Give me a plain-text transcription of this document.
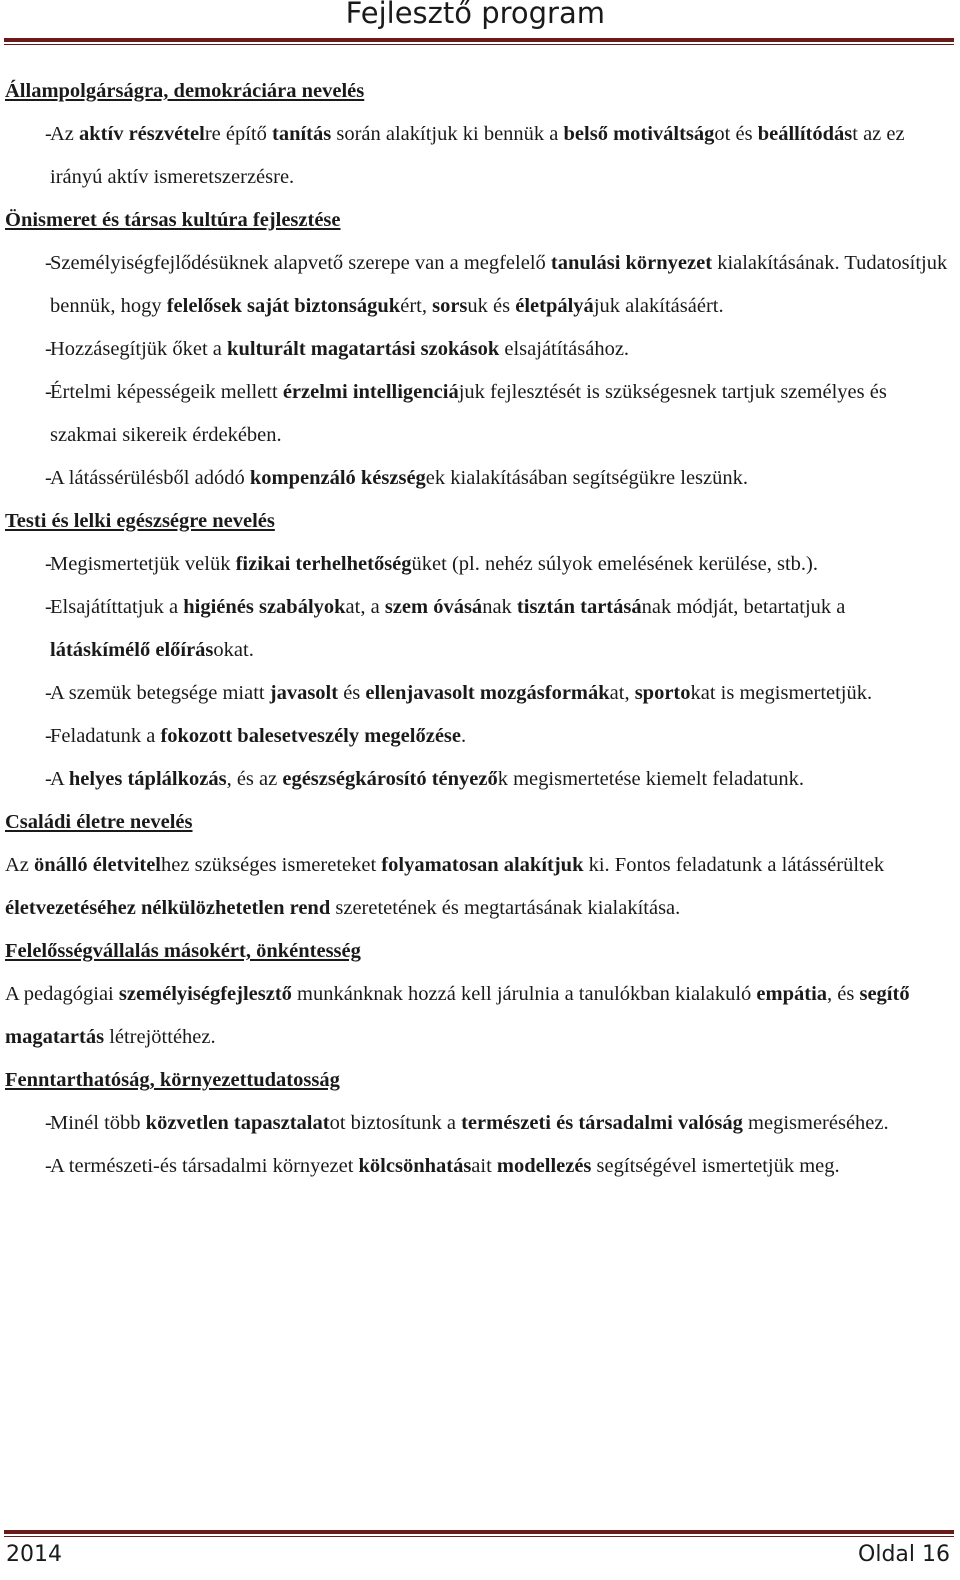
Fejlesztő program
Állampolgárságra, demokráciára nevelés
-
Az aktív részvételre építő tanítás során alakítjuk ki bennük a belső motiváltságot és beállítódást az ez irányú aktív ismeretszerzésre.
Önismeret és társas kultúra fejlesztése
-
Személyiségfejlődésüknek alapvető szerepe van a megfelelő tanulási környezet kialakításának. Tudatosítjuk bennük, hogy felelősek saját biztonságukért, sorsuk és életpályájuk alakításáért.
-
Hozzásegítjük őket a kulturált magatartási szokások elsajátításához.
-
Értelmi képességeik mellett érzelmi intelligenciájuk fejlesztését is szükségesnek tartjuk személyes és szakmai sikereik érdekében.
-
A látássérülésből adódó kompenzáló készségek kialakításában segítségükre leszünk.
Testi és lelki egészségre nevelés
-
Megismertetjük velük fizikai terhelhetőségüket (pl. nehéz súlyok emelésének kerülése, stb.).
-
Elsajátíttatjuk a higiénés szabályokat, a szem óvásának tisztán tartásának módját, betartatjuk a látáskímélő előírásokat.
-
A szemük betegsége miatt javasolt és ellenjavasolt mozgásformákat, sportokat is megismertetjük.
-
Feladatunk a fokozott balesetveszély megelőzése.
-
A helyes táplálkozás, és az egészségkárosító tényezők megismertetése kiemelt feladatunk.
Családi életre nevelés

Az önálló életvitelhez szükséges ismereteket folyamatosan alakítjuk ki. Fontos feladatunk a látássérültek életvezetéséhez nélkülözhetetlen rend szeretetének és megtartásának kialakítása.

Felelősségvállalás másokért, önkéntesség

A pedagógiai személyiségfejlesztő munkánknak hozzá kell járulnia a tanulókban kialakuló empátia, és segítő magatartás létrejöttéhez.

Fenntarthatóság, környezettudatosság
-
Minél több közvetlen tapasztalatot biztosítunk a természeti és társadalmi valóság megismeréséhez.
-
A természeti-és társadalmi környezet kölcsönhatásait modellezés segítségével ismertetjük meg.
2014	Oldal 16
